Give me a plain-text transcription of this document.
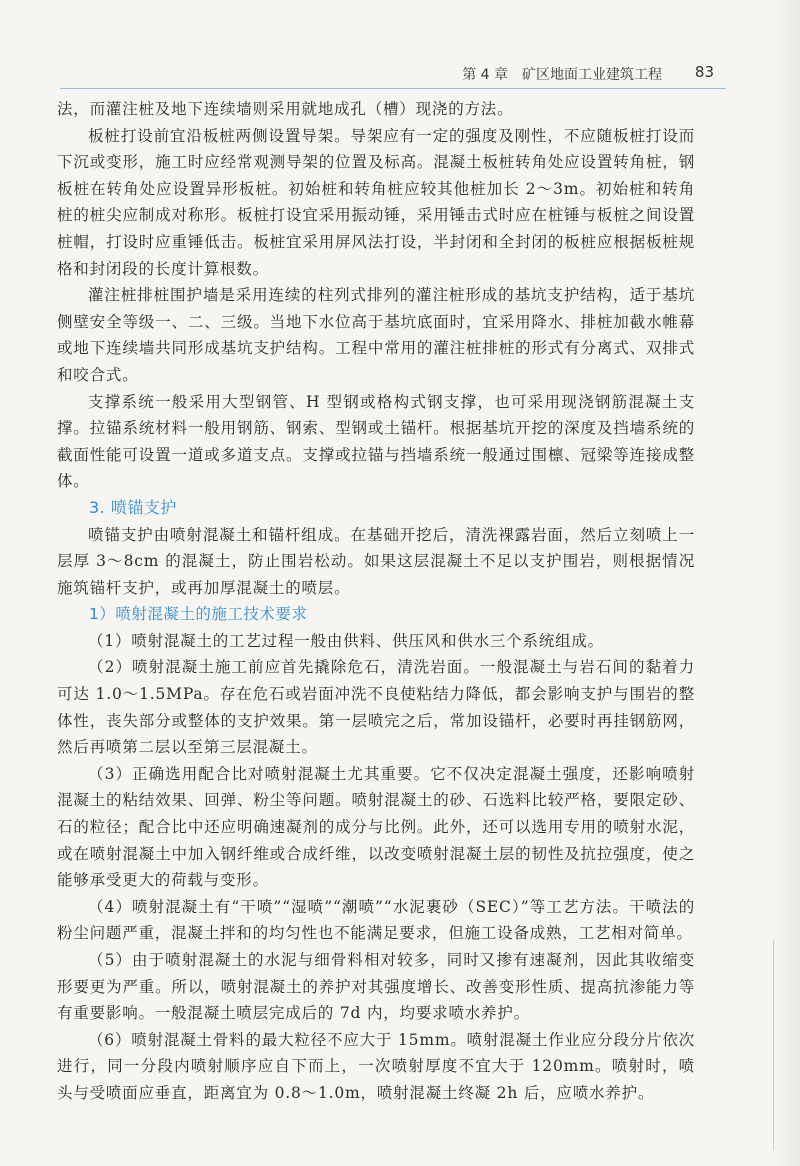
第 4 章　矿区地面工业建筑工程 83

法，而灌注桩及地下连续墙则采用就地成孔（槽）现浇的方法。

板桩打设前宜沿板桩两侧设置导架。导架应有一定的强度及刚性，不应随板桩打设而下沉或变形，施工时应经常观测导架的位置及标高。混凝土板桩转角处应设置转角桩，钢板桩在转角处应设置异形板桩。初始桩和转角桩应较其他桩加长 2～3m。初始桩和转角桩的桩尖应制成对称形。板桩打设宜采用振动锤，采用锤击式时应在桩锤与板桩之间设置桩帽，打设时应重锤低击。板桩宜采用屏风法打设，半封闭和全封闭的板桩应根据板桩规格和封闭段的长度计算根数。

灌注桩排桩围护墙是采用连续的柱列式排列的灌注桩形成的基坑支护结构，适于基坑侧壁安全等级一、二、三级。当地下水位高于基坑底面时，宜采用降水、排桩加截水帷幕或地下连续墙共同形成基坑支护结构。工程中常用的灌注桩排桩的形式有分离式、双排式和咬合式。

支撑系统一般采用大型钢管、H 型钢或格构式钢支撑，也可采用现浇钢筋混凝土支撑。拉锚系统材料一般用钢筋、钢索、型钢或土锚杆。根据基坑开挖的深度及挡墙系统的截面性能可设置一道或多道支点。支撑或拉锚与挡墙系统一般通过围檩、冠梁等连接成整体。

3. 喷锚支护

喷锚支护由喷射混凝土和锚杆组成。在基础开挖后，清洗裸露岩面，然后立刻喷上一层厚 3～8cm 的混凝土，防止围岩松动。如果这层混凝土不足以支护围岩，则根据情况施筑锚杆支护，或再加厚混凝土的喷层。

1）喷射混凝土的施工技术要求

（1）喷射混凝土的工艺过程一般由供料、供压风和供水三个系统组成。

（2）喷射混凝土施工前应首先撬除危石，清洗岩面。一般混凝土与岩石间的黏着力可达 1.0～1.5MPa。存在危石或岩面冲洗不良使粘结力降低，都会影响支护与围岩的整体性，丧失部分或整体的支护效果。第一层喷完之后，常加设锚杆，必要时再挂钢筋网，然后再喷第二层以至第三层混凝土。

（3）正确选用配合比对喷射混凝土尤其重要。它不仅决定混凝土强度，还影响喷射混凝土的粘结效果、回弹、粉尘等问题。喷射混凝土的砂、石选料比较严格，要限定砂、石的粒径；配合比中还应明确速凝剂的成分与比例。此外，还可以选用专用的喷射水泥，或在喷射混凝土中加入钢纤维或合成纤维，以改变喷射混凝土层的韧性及抗拉强度，使之能够承受更大的荷载与变形。

（4）喷射混凝土有“干喷”“湿喷”“潮喷”“水泥裹砂（SEC）”等工艺方法。干喷法的粉尘问题严重，混凝土拌和的均匀性也不能满足要求，但施工设备成熟，工艺相对简单。

（5）由于喷射混凝土的水泥与细骨料相对较多，同时又掺有速凝剂，因此其收缩变形要更为严重。所以，喷射混凝土的养护对其强度增长、改善变形性质、提高抗渗能力等有重要影响。一般混凝土喷层完成后的 7d 内，均要求喷水养护。

（6）喷射混凝土骨料的最大粒径不应大于 15mm。喷射混凝土作业应分段分片依次进行，同一分段内喷射顺序应自下而上，一次喷射厚度不宜大于 120mm。喷射时，喷头与受喷面应垂直，距离宜为 0.8～1.0m，喷射混凝土终凝 2h 后，应喷水养护。
